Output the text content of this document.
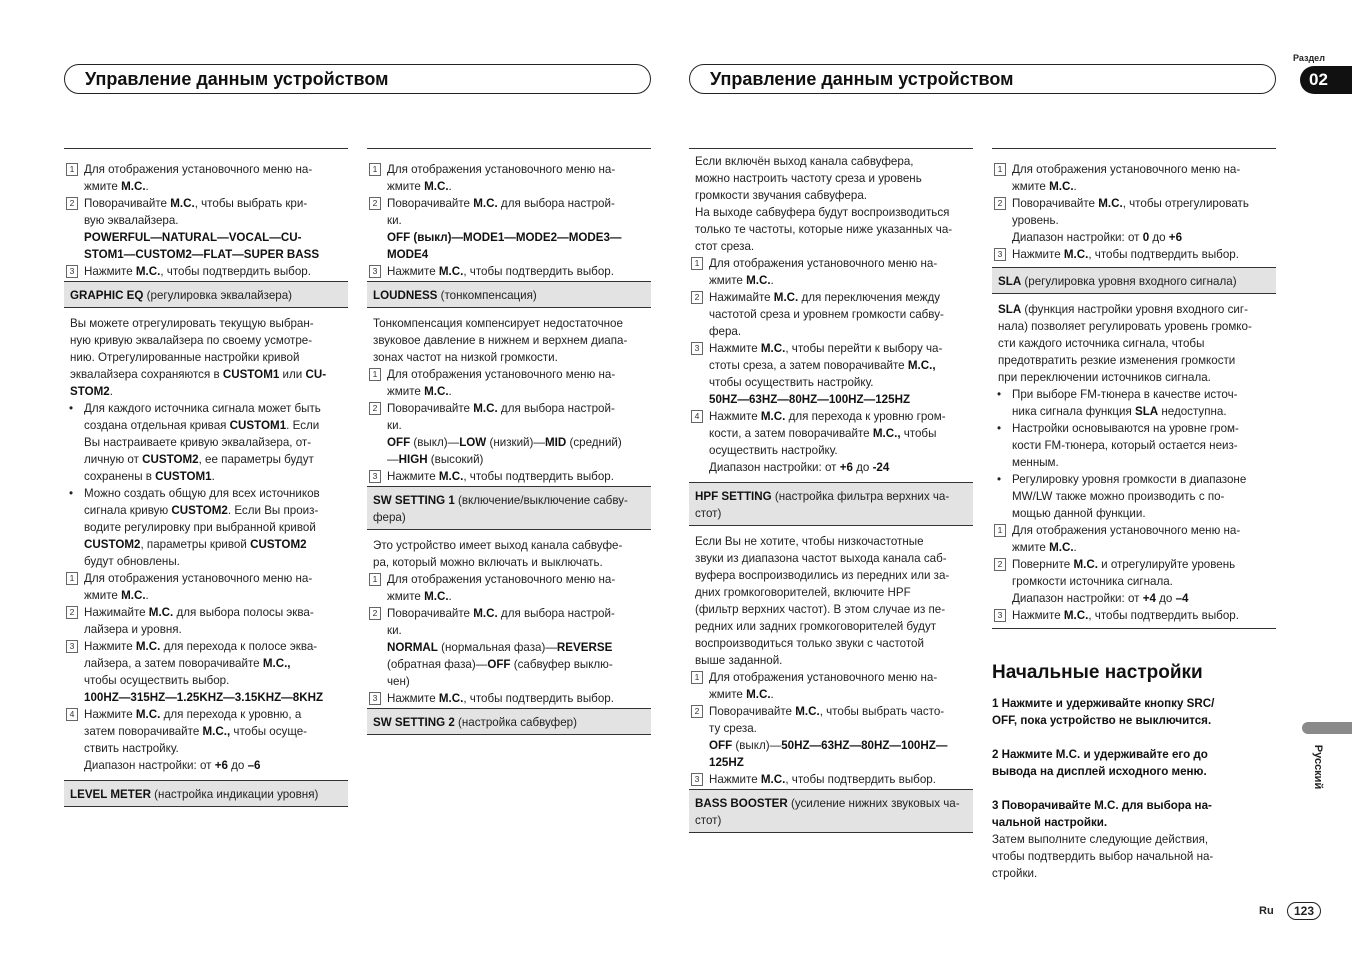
Управление данным устройством	Управление данным устройством
Раздел
02
Русский
Ru	123
1 Для отображения установочного меню на-
жмите M.C..
2 Поворачивайте M.C., чтобы выбрать кри-
вую эквалайзера.
POWERFUL—NATURAL—VOCAL—CU-
STOM1—CUSTOM2—FLAT—SUPER BASS
3 Нажмите M.C., чтобы подтвердить выбор.
GRAPHIC EQ (регулировка эквалайзера)
Вы можете отрегулировать текущую выбран-
ную кривую эквалайзера по своему усмотре-
нию. Отрегулированные настройки кривой
эквалайзера сохраняются в CUSTOM1 или CU-
STOM2.
• Для каждого источника сигнала может быть
создана отдельная кривая CUSTOM1. Если
Вы настраиваете кривую эквалайзера, от-
личную от CUSTOM2, ее параметры будут
сохранены в CUSTOM1.
• Можно создать общую для всех источников
сигнала кривую CUSTOM2. Если Вы произ-
водите регулировку при выбранной кривой
CUSTOM2, параметры кривой CUSTOM2
будут обновлены.
1 Для отображения установочного меню на-
жмите M.C..
2 Нажимайте M.C. для выбора полосы эква-
лайзера и уровня.
3 Нажмите M.C. для перехода к полосе эква-
лайзера, а затем поворачивайте M.C.,
чтобы осуществить выбор.
100HZ—315HZ—1.25KHZ—3.15KHZ—8KHZ
4 Нажмите M.C. для перехода к уровню, а
затем поворачивайте M.C., чтобы осуще-
ствить настройку.
Диапазон настройки: от +6 до –6
LEVEL METER (настройка индикации уровня)
1 Для отображения установочного меню на-
жмите M.C..
2 Поворачивайте M.C. для выбора настрой-
ки.
OFF (выкл)—MODE1—MODE2—MODE3—
MODE4
3 Нажмите M.C., чтобы подтвердить выбор.
LOUDNESS (тонкомпенсация)
Тонкомпенсация компенсирует недостаточное
звуковое давление в нижнем и верхнем диапа-
зонах частот на низкой громкости.
1 Для отображения установочного меню на-
жмите M.C..
2 Поворачивайте M.C. для выбора настрой-
ки.
OFF (выкл)—LOW (низкий)—MID (средний)
—HIGH (высокий)
3 Нажмите M.C., чтобы подтвердить выбор.
SW SETTING 1 (включение/выключение сабву-
фера)
Это устройство имеет выход канала сабвуфе-
ра, который можно включать и выключать.
1 Для отображения установочного меню на-
жмите M.C..
2 Поворачивайте M.C. для выбора настрой-
ки.
NORMAL (нормальная фаза)—REVERSE
(обратная фаза)—OFF (сабвуфер выклю-
чен)
3 Нажмите M.C., чтобы подтвердить выбор.
SW SETTING 2 (настройка сабвуфер)
Если включён выход канала сабвуфера,
можно настроить частоту среза и уровень
громкости звучания сабвуфера.
На выходе сабвуфера будут воспроизводиться
только те частоты, которые ниже указанных ча-
стот среза.
1 Для отображения установочного меню на-
жмите M.C..
2 Нажимайте M.C. для переключения между
частотой среза и уровнем громкости сабву-
фера.
3 Нажмите M.C., чтобы перейти к выбору ча-
стоты среза, а затем поворачивайте M.C.,
чтобы осуществить настройку.
50HZ—63HZ—80HZ—100HZ—125HZ
4 Нажмите M.C. для перехода к уровню гром-
кости, а затем поворачивайте M.C., чтобы
осуществить настройку.
Диапазон настройки: от +6 до -24
HPF SETTING (настройка фильтра верхних ча-
стот)
Если Вы не хотите, чтобы низкочастотные
звуки из диапазона частот выхода канала саб-
вуфера воспроизводились из передних или за-
дних громкоговорителей, включите HPF
(фильтр верхних частот). В этом случае из пе-
редних или задних громкоговорителей будут
воспроизводиться только звуки с частотой
выше заданной.
1 Для отображения установочного меню на-
жмите M.C..
2 Поворачивайте M.C., чтобы выбрать часто-
ту среза.
OFF (выкл)—50HZ—63HZ—80HZ—100HZ—
125HZ
3 Нажмите M.C., чтобы подтвердить выбор.
BASS BOOSTER (усиление нижних звуковых ча-
стот)
1 Для отображения установочного меню на-
жмите M.C..
2 Поворачивайте M.C., чтобы отрегулировать
уровень.
Диапазон настройки: от 0 до +6
3 Нажмите M.C., чтобы подтвердить выбор.
SLA (регулировка уровня входного сигнала)
SLA (функция настройки уровня входного сиг-
нала) позволяет регулировать уровень громко-
сти каждого источника сигнала, чтобы
предотвратить резкие изменения громкости
при переключении источников сигнала.
• При выборе FM-тюнера в качестве источ-
ника сигнала функция SLA недоступна.
• Настройки основываются на уровне гром-
кости FM-тюнера, который остается неиз-
менным.
• Регулировку уровня громкости в диапазоне
MW/LW также можно производить с по-
мощью данной функции.
1 Для отображения установочного меню на-
жмите M.C..
2 Поверните M.C. и отрегулируйте уровень
громкости источника сигнала.
Диапазон настройки: от +4 до –4
3 Нажмите M.C., чтобы подтвердить выбор.
Начальные настройки
1 Нажмите и удерживайте кнопку SRC/
OFF, пока устройство не выключится.
2 Нажмите M.C. и удерживайте его до
вывода на дисплей исходного меню.
3 Поворачивайте M.C. для выбора на-
чальной настройки.
Затем выполните следующие действия,
чтобы подтвердить выбор начальной на-
стройки.
